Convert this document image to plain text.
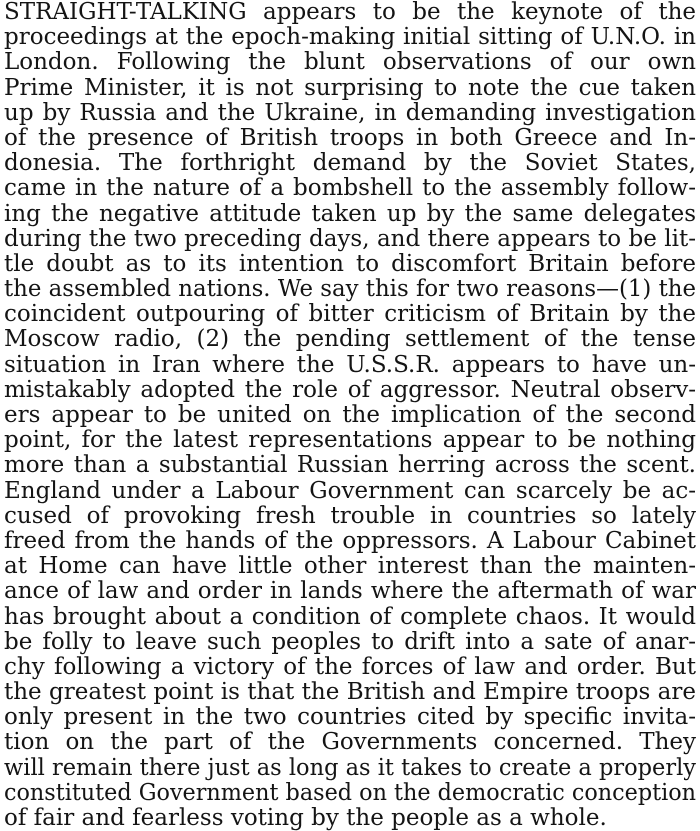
STRAIGHT-TALKING appears to be the keynote of the
proceedings at the epoch-making initial sitting of U.N.O. in
London. Following the blunt observations of our own
Prime Minister, it is not surprising to note the cue taken
up by Russia and the Ukraine, in demanding investigation
of the presence of British troops in both Greece and In-
donesia. The forthright demand by the Soviet States,
came in the nature of a bombshell to the assembly follow-
ing the negative attitude taken up by the same delegates
during the two preceding days, and there appears to be lit-
tle doubt as to its intention to discomfort Britain before
the assembled nations. We say this for two reasons—(1) the
coincident outpouring of bitter criticism of Britain by the
Moscow radio, (2) the pending settlement of the tense
situation in Iran where the U.S.S.R. appears to have un-
mistakably adopted the role of aggressor. Neutral observ-
ers appear to be united on the implication of the second
point, for the latest representations appear to be nothing
more than a substantial Russian herring across the scent.
England under a Labour Government can scarcely be ac-
cused of provoking fresh trouble in countries so lately
freed from the hands of the oppressors. A Labour Cabinet
at Home can have little other interest than the mainten-
ance of law and order in lands where the aftermath of war
has brought about a condition of complete chaos. It would
be folly to leave such peoples to drift into a sate of anar-
chy following a victory of the forces of law and order. But
the greatest point is that the British and Empire troops are
only present in the two countries cited by specific invita-
tion on the part of the Governments concerned. They
will remain there just as long as it takes to create a properly
constituted Government based on the democratic conception
of fair and fearless voting by the people as a whole.
